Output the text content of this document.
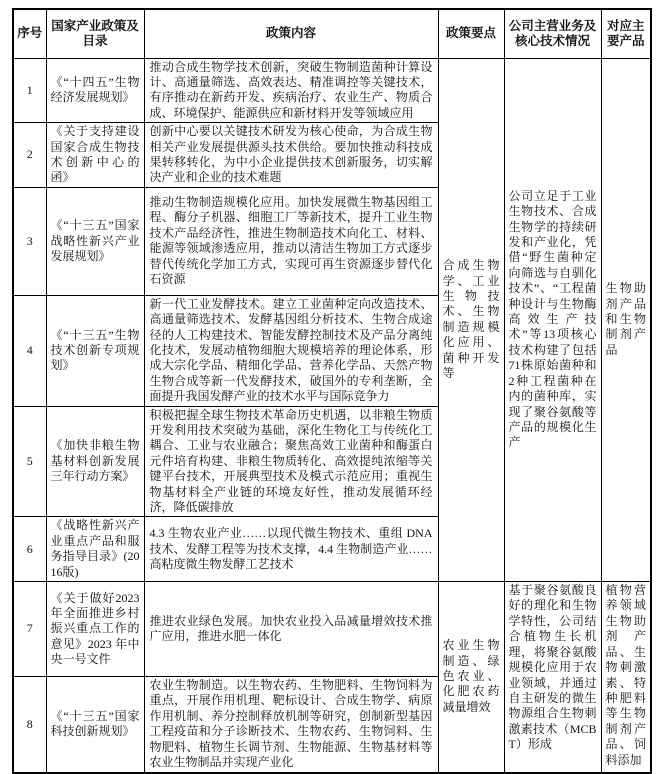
序号	国家产业政策及目录	政策内容	政策要点	公司主营业务及核心技术情况	对应主要产品
1	《“十四五”生物经济发展规划》	推动合成生物学技术创新，突破生物制造菌种计算设计、高通量筛选、高效表达、精准调控等关键技术，有序推动在新药开发、疾病治疗、农业生产、物质合成、环境保护、能源供应和新材料开发等领域应用	合成生物学、工业生物技术、生物制造规模化应用、菌种开发等	公司立足于工业生物技术、合成生物学的持续研发和产业化，凭借“野生菌种定向筛选与自驯化技术”、“工程菌种设计与生物酶高效生产技术”等13项核心技术构建了包括71株原始菌种和2种工程菌种在内的菌种库，实现了聚谷氨酸等产品的规模化生产	生物助剂产品和生物制剂产品
2	《关于支持建设国家合成生物技术创新中心的函》	创新中心要以关键技术研发为核心使命，为合成生物相关产业发展提供源头技术供给。要加快推动科技成果转移转化，为中小企业提供技术创新服务，切实解决产业和企业的技术难题			
3	《“十三五”国家战略性新兴产业发展规划》	推动生物制造规模化应用。加快发展微生物基因组工程、酶分子机器、细胞工厂等新技术，提升工业生物技术产品经济性，推进生物制造技术向化工、材料、能源等领域渗透应用，推动以清洁生物加工方式逐步替代传统化学加工方式，实现可再生资源逐步替代化石资源			
4	《“十三五”生物技术创新专项规划》	新一代工业发酵技术。建立工业菌种定向改造技术、高通量筛选技术、发酵基因组分析技术、生物合成途径的人工构建技术、智能发酵控制技术及产品分离纯化技术，发展动植物细胞大规模培养的理论体系，形成大宗化学品、精细化学品、营养化学品、天然产物生物合成等新一代发酵技术，破国外的专利垄断，全面提升我国发酵产业的技术水平与国际竞争力			
5	《加快非粮生物基材料创新发展三年行动方案》	积极把握全球生物技术革命历史机遇，以非粮生物质开发利用技术突破为基础，深化生物化工与传统化工耦合、工业与农业融合；聚焦高效工业菌种和酶蛋白元件培育构建、非粮生物质转化、高效提纯浓缩等关键平台技术，开展典型技术及模式示范应用；重视生物基材料全产业链的环境友好性，推动发展循环经济，降低碳排放			
6	《战略性新兴产业重点产品和服务指导目录》(2016版)	4.3 生物农业产业……以现代微生物技术、重组 DNA 技术、发酵工程等为技术支撑，4.4 生物制造产业……高粘度微生物发酵工艺技术			
7	《关于做好2023 年全面推进乡村振兴重点工作的意见》2023 年中央一号文件	推进农业绿色发展。加快农业投入品减量增效技术推广应用，推进水肥一体化	农业生物制造、绿色农业、化肥农药减量增效	基于聚谷氨酸良好的理化和生物学特性，公司结合植物生长机理，将聚谷氨酸规模化应用于农业领域，并通过自主研发的微生物源组合生物刺激素技术（MCBT）形成	植物营养领域生物助剂产品、生物刺激素、特种肥料等生物制剂产品、饲料添加
8	《“十三五”国家科技创新规划》	农业生物制造。以生物农药、生物肥料、生物饲料为重点，开展作用机理、靶标设计、合成生物学、病原作用机制、养分控制释放机制等研究，创制新型基因工程疫苗和分子诊断技术、生物农药、生物饲料、生物肥料、植物生长调节剂、生物能源、生物基材料等农业生物制品并实现产业化			
